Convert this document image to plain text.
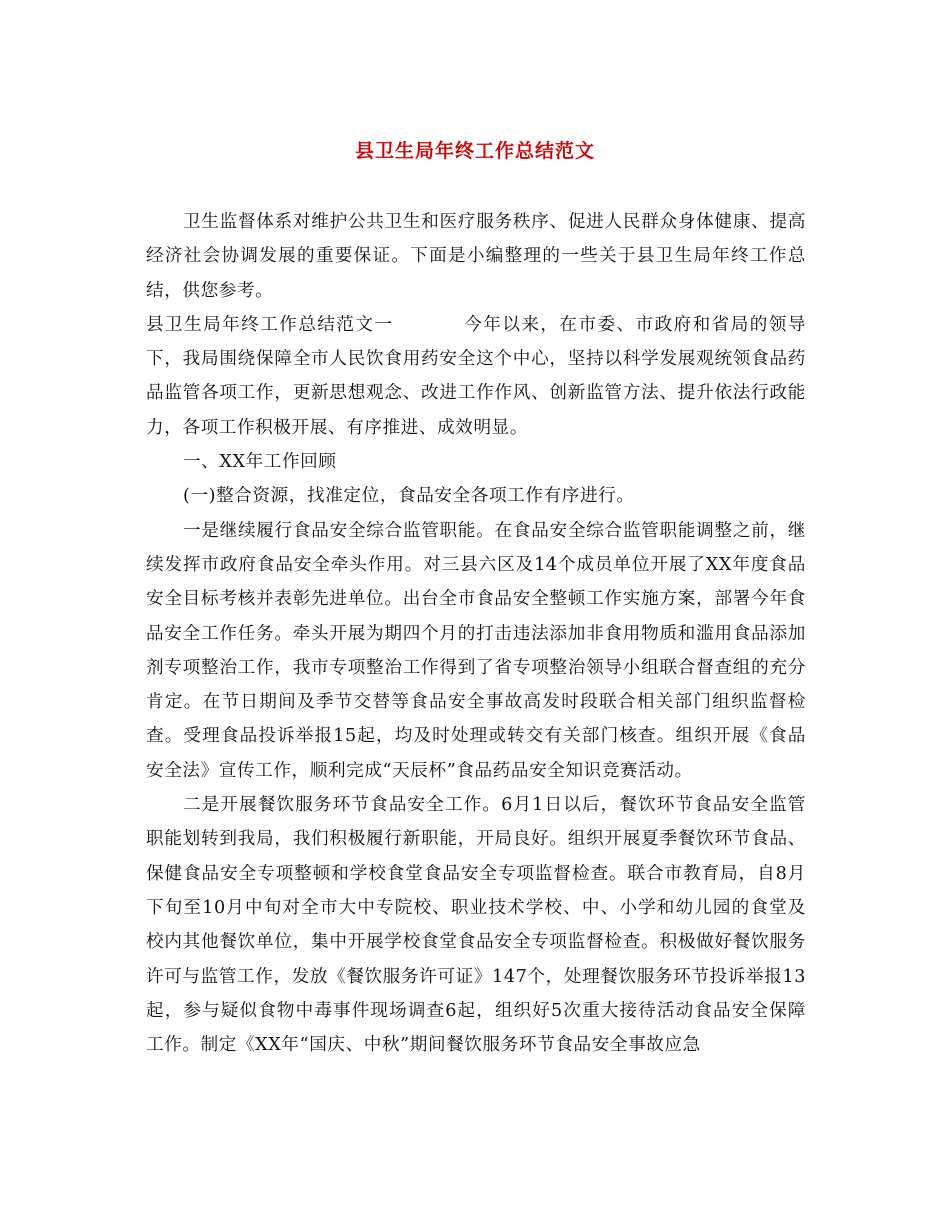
县卫生局年终工作总结范文

卫生监督体系对维护公共卫生和医疗服务秩序、促进人民群众身体健康、提高经济社会协调发展的重要保证。下面是小编整理的一些关于县卫生局年终工作总结，供您参考。

县卫生局年终工作总结范文一	今年以来，在市委、市政府和省局的领导下，我局围绕保障全市人民饮食用药安全这个中心，坚持以科学发展观统领食品药品监管各项工作，更新思想观念、改进工作作风、创新监管方法、提升依法行政能力，各项工作积极开展、有序推进、成效明显。

一、XX年工作回顾

(一)整合资源，找准定位，食品安全各项工作有序进行。

一是继续履行食品安全综合监管职能。在食品安全综合监管职能调整之前，继续发挥市政府食品安全牵头作用。对三县六区及14个成员单位开展了XX年度食品安全目标考核并表彰先进单位。出台全市食品安全整顿工作实施方案，部署今年食品安全工作任务。牵头开展为期四个月的打击违法添加非食用物质和滥用食品添加剂专项整治工作，我市专项整治工作得到了省专项整治领导小组联合督查组的充分肯定。在节日期间及季节交替等食品安全事故高发时段联合相关部门组织监督检查。受理食品投诉举报15起，均及时处理或转交有关部门核查。组织开展《食品安全法》宣传工作，顺利完成“天辰杯”食品药品安全知识竞赛活动。

二是开展餐饮服务环节食品安全工作。6月1日以后，餐饮环节食品安全监管职能划转到我局，我们积极履行新职能，开局良好。组织开展夏季餐饮环节食品、保健食品安全专项整顿和学校食堂食品安全专项监督检查。联合市教育局，自8月下旬至10月中旬对全市大中专院校、职业技术学校、中、小学和幼儿园的食堂及校内其他餐饮单位，集中开展学校食堂食品安全专项监督检查。积极做好餐饮服务许可与监管工作，发放《餐饮服务许可证》147个，处理餐饮服务环节投诉举报13起，参与疑似食物中毒事件现场调查6起，组织好5次重大接待活动食品安全保障工作。制定《XX年“国庆、中秋”期间餐饮服务环节食品安全事故应急
